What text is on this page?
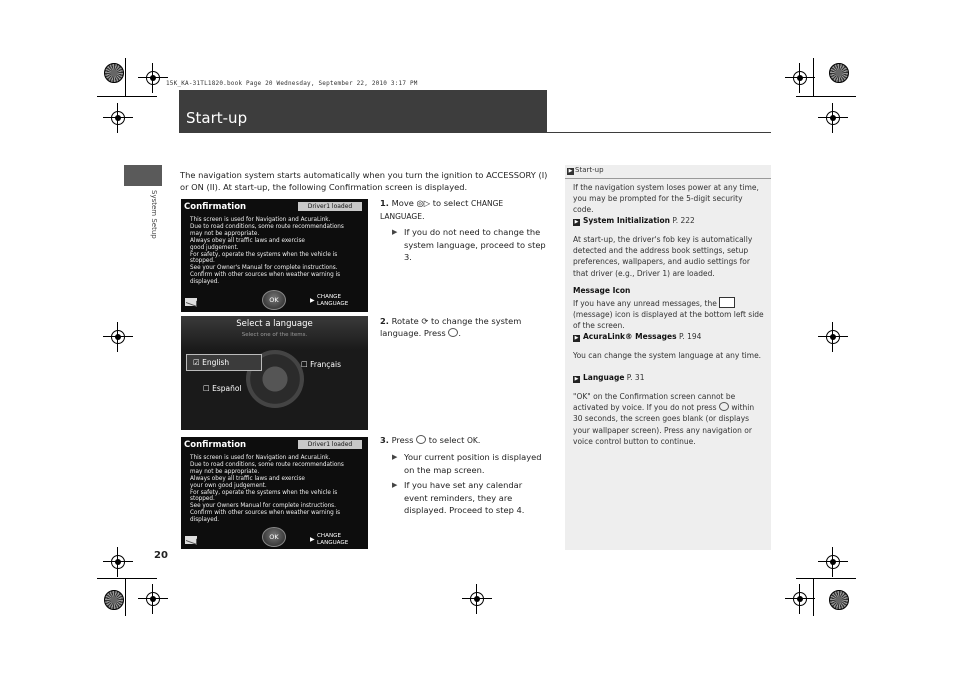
15K_KA-31TL1820.book Page 20 Wednesday, September 22, 2010 3:17 PM
Start-up
System Setup
20
The navigation system starts automatically when you turn the ignition to ACCESSORY (I) or ON (II). At start-up, the following Confirmation screen is displayed.
Confirmation	Driver1 loaded
This screen is used for Navigation and AcuraLink.
Due to road conditions, some route recommendations
may not be appropriate.
Always obey all traffic laws and exercise
good judgement.
For safety, operate the systems when the vehicle is
stopped.
See your Owner's Manual for complete instructions.
Confirm with other sources when weather warning is
displayed.
OK	▶ CHANGE
LANGUAGE
Select a language
Select one of the items.
☑ English	☐ Français
☐ Español
Confirmation	Driver1 loaded
This screen is used for Navigation and AcuraLink.
Due to road conditions, some route recommendations
may not be appropriate.
Always obey all traffic laws and exercise
your own good judgement.
For safety, operate the systems when the vehicle is
stopped.
See your Owners Manual for complete instructions.
Confirm with other sources when weather warning is
displayed.
OK	▶ CHANGE
LANGUAGE
1. Move ◎▷ to select CHANGE LANGUAGE.
▶ If you do not need to change the system language, proceed to step 3.
2. Rotate ⟳ to change the system language. Press .
3. Press to select OK.
▶ Your current position is displayed on the map screen.
▶ If you have set any calendar event reminders, they are displayed. Proceed to step 4.
▶ Start-up
If the navigation system loses power at any time, you may be prompted for the 5-digit security code.
▶ System Initialization P. 222
At start-up, the driver's fob key is automatically detected and the address book settings, setup preferences, wallpapers, and audio settings for that driver (e.g., Driver 1) are loaded.
Message Icon
If you have any unread messages, the  (message) icon is displayed at the bottom left side of the screen.
▶ AcuraLink® Messages P. 194
You can change the system language at any time.
▶ Language P. 31
"OK" on the Confirmation screen cannot be activated by voice. If you do not press within 30 seconds, the screen goes blank (or displays your wallpaper screen). Press any navigation or voice control button to continue.
